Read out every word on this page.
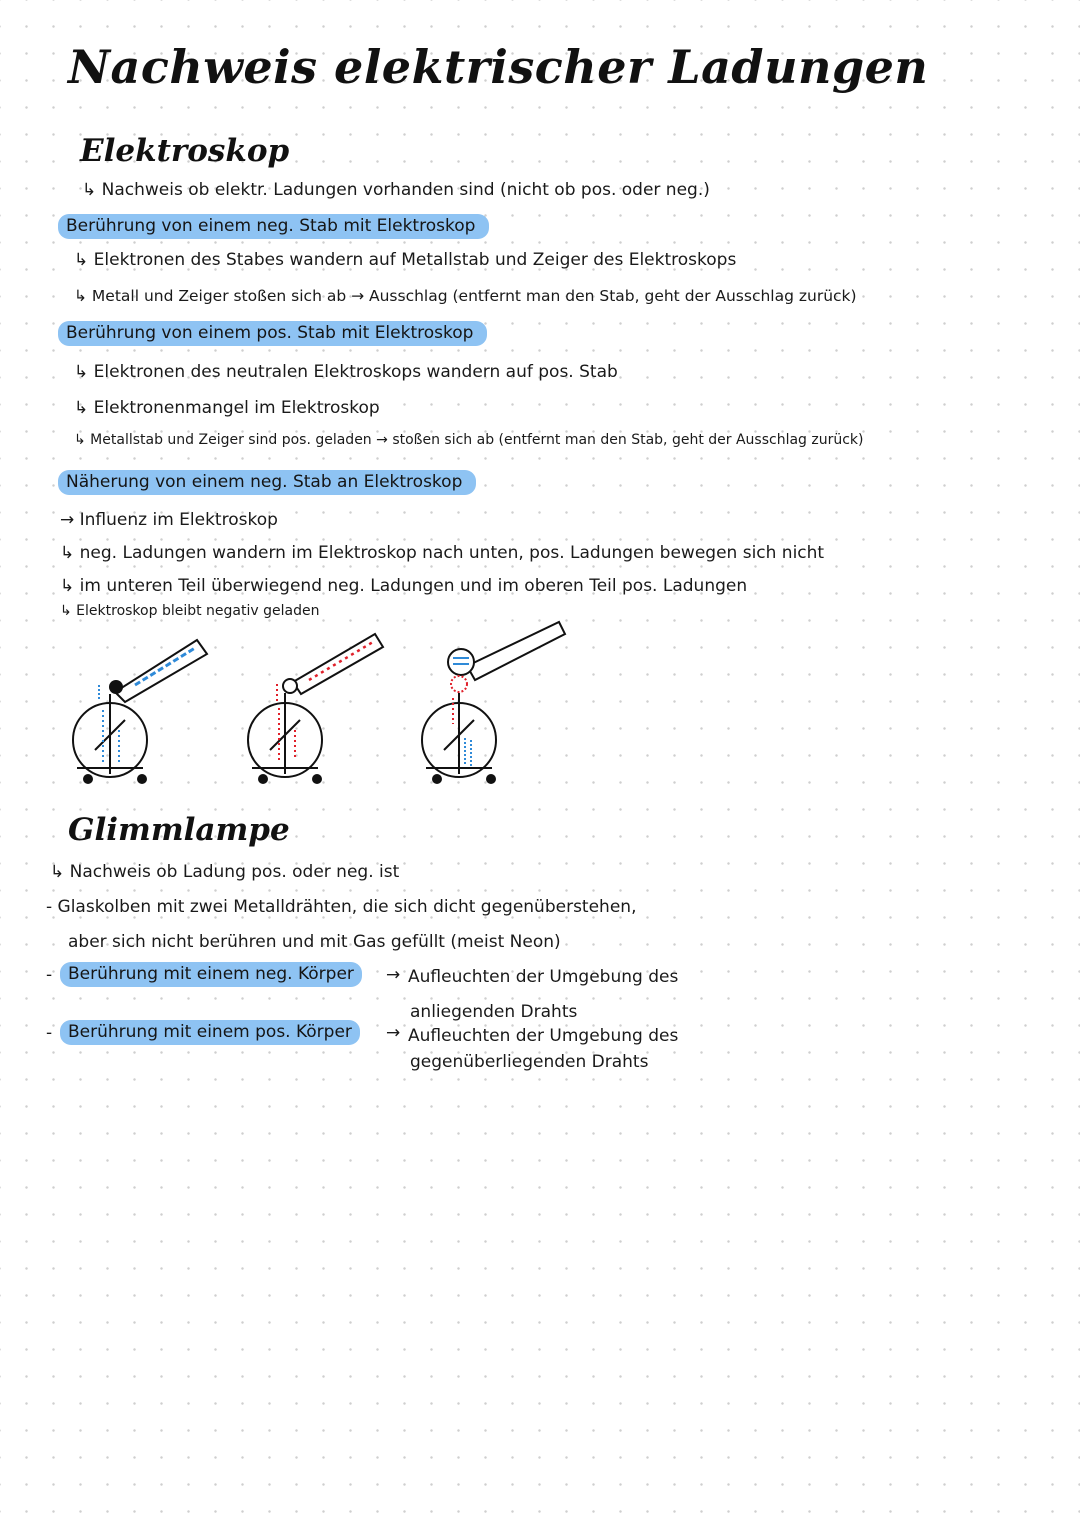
Nachweis elektrischer Ladungen
Elektroskop
↳ Nachweis ob elektr. Ladungen vorhanden sind (nicht ob pos. oder neg.)
Berührung von einem neg. Stab mit Elektroskop
↳ Elektronen des Stabes wandern auf Metallstab und Zeiger des Elektroskops
↳ Metall und Zeiger stoßen sich ab → Ausschlag (entfernt man den Stab, geht der Ausschlag zurück)
Berührung von einem pos. Stab mit Elektroskop
↳ Elektronen des neutralen Elektroskops wandern auf pos. Stab
↳ Elektronenmangel im Elektroskop
↳ Metallstab und Zeiger sind pos. geladen → stoßen sich ab (entfernt man den Stab, geht der Ausschlag zurück)
Näherung von einem neg. Stab an Elektroskop
→ Influenz im Elektroskop
↳ neg. Ladungen wandern im Elektroskop nach unten, pos. Ladungen bewegen sich nicht
↳ im unteren Teil überwiegend neg. Ladungen und im oberen Teil pos. Ladungen
↳ Elektroskop bleibt negativ geladen
Glimmlampe
↳ Nachweis ob Ladung pos. oder neg. ist
- Glaskolben mit zwei Metalldrähten, die sich dicht gegenüberstehen,
aber sich nicht berühren und mit Gas gefüllt (meist Neon)
- Berührung mit einem neg. Körper	→ Aufleuchten der Umgebung des
anliegenden Drahts
- Berührung mit einem pos. Körper	→ Aufleuchten der Umgebung des
gegenüberliegenden Drahts
